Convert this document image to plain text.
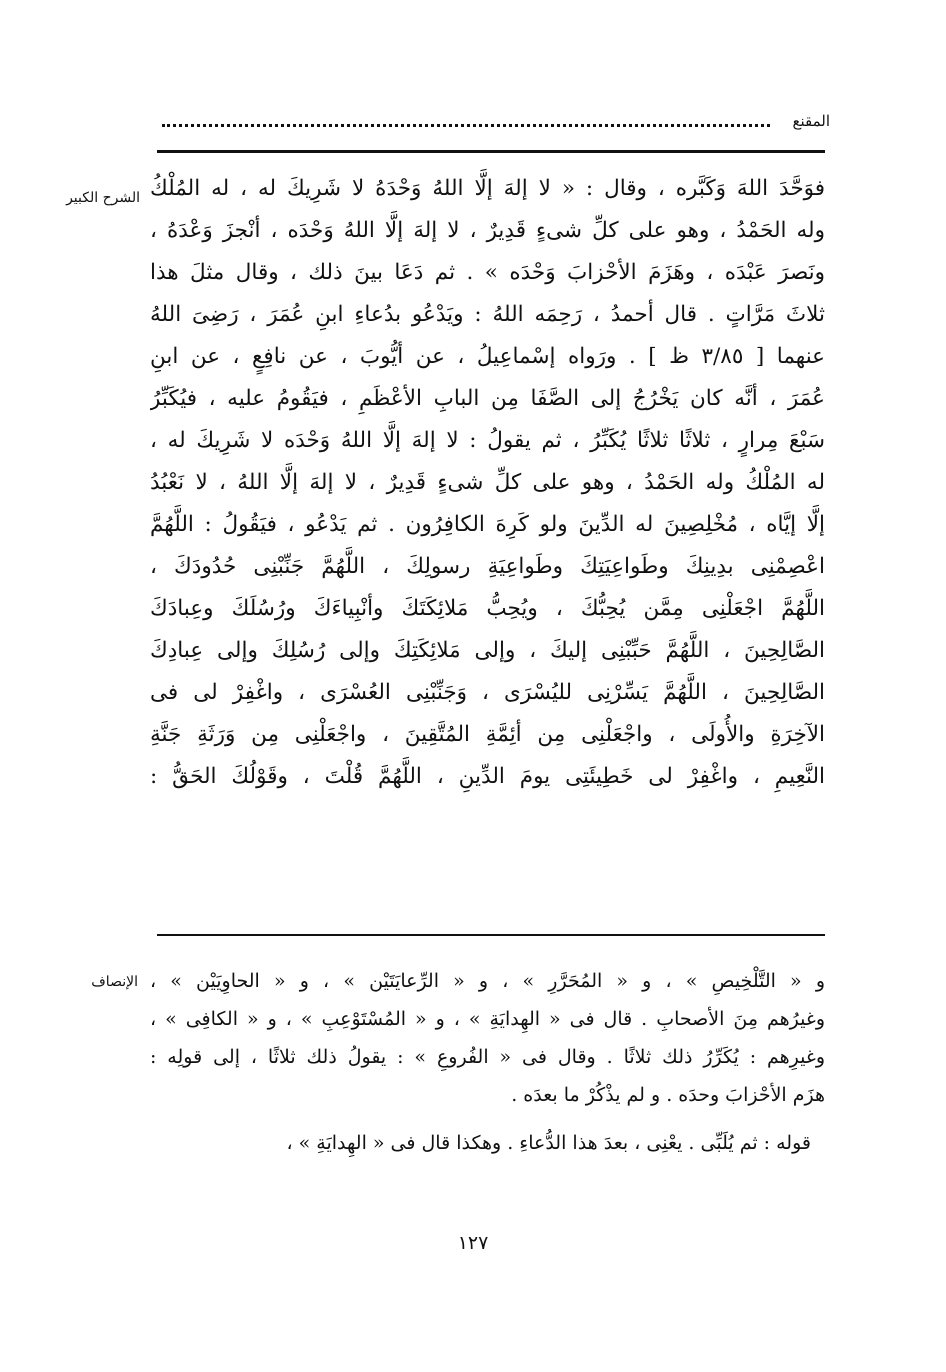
المقنع
الشرح الكبير
الإنصاف
فوَحَّدَ اللهَ وَكَبَّره ، وقال : « لا إلهَ إلَّا اللهُ وَحْدَهُ لا شَرِيكَ له ، له المُلْكُ
وله الحَمْدُ ، وهو على كلِّ شىءٍ قَدِيرٌ ، لا إلهَ إلَّا اللهُ وَحْدَه ، أنْجزَ وَعْدَهُ ،
ونَصرَ عَبْدَه ، وهَزَمَ الأحْزابَ وَحْدَه » . ثم دَعَا بينَ ذلك ، وقال مثلَ هذا
ثلاثَ مَرَّاتٍ . قال أحمدُ ، رَحِمَه اللهُ : ويَدْعُو بدُعاءِ ابنِ عُمَرَ ، رَضِىَ اللهُ
عنهما [ ٣/٨٥ ظ ] . ورَواه إسْماعِيلُ ، عن أيُّوبَ ، عن نافِعٍ ، عن ابنِ
عُمَرَ ، أنَّه كان يَخْرُجُ إلى الصَّفَا مِن البابِ الأعْظَمِ ، فيَقُومُ عليه ، فيُكَبِّرُ
سَبْعَ مِرارٍ ، ثلاثًا ثلاثًا يُكَبِّرُ ، ثم يقولُ : لا إلهَ إلَّا اللهُ وَحْدَه لا شَرِيكَ له ،
له المُلْكُ وله الحَمْدُ ، وهو على كلِّ شىءٍ قَدِيرٌ ، لا إلهَ إلَّا اللهُ ، لا نَعْبُدُ
إلَّا إيَّاه ، مُخْلِصِينَ له الدِّينَ ولو كَرِهَ الكافِرُون . ثم يَدْعُو ، فيَقُولُ : اللَّهُمَّ
اعْصِمْنِى بدِينِكَ وطَواعِيَتِكَ وطَواعِيَةِ رسولِكَ ، اللَّهُمَّ جَنِّبْنِى حُدُودَكَ ،
اللَّهُمَّ اجْعَلْنِى مِمَّن يُحِبُّكَ ، ويُحِبُّ مَلائِكَتَكَ وأنْبِياءَكَ ورُسُلَكَ وعِبادَكَ
الصَّالِحِينَ ، اللَّهُمَّ حَبِّبْنِى إليكَ ، وإلى مَلائِكَتِكَ وإلى رُسُلِكَ وإلى عِبادِكَ
الصَّالِحِينَ ، اللَّهُمَّ يَسِّرْنِى لليُسْرَى ، وَجَنِّبْنِى العُسْرَى ، واغْفِرْ لى فى
الآخِرَةِ والأُولَى ، واجْعَلْنِى مِن أئِمَّةِ المُتَّقِينَ ، واجْعَلْنِى مِن وَرَثَةِ جَنَّةِ
النَّعِيمِ ، واغْفِرْ لى خَطِيئَتِى يومَ الدِّينِ ، اللَّهُمَّ قُلْتَ ، وقَوْلُكَ الحَقُّ :
و « التَّلْخِيصِ » ، و « المُحَرَّرِ » ، و « الرِّعايَتَيْن » ، و « الحاوِيَيْن » ،
وغيرُهم مِنَ الأصحابِ . قال فى « الهِدايَةِ » ، و « المُسْتَوْعِبِ » ، و « الكافِى » ،
وغيرِهم : يُكَرِّرُ ذلك ثلاثًا . وقال فى « الفُروعِ » : يقولُ ذلك ثلاثًا ، إلى قولِه :
هزَم الأحْزابَ وحدَه . و لم يذْكُرْ ما بعدَه .
قوله : ثم يُلَبِّى . يعْنِى ، بعدَ هذا الدُّعاءِ . وهكذا قال فى « الهِدايَةِ » ،
١٢٧
